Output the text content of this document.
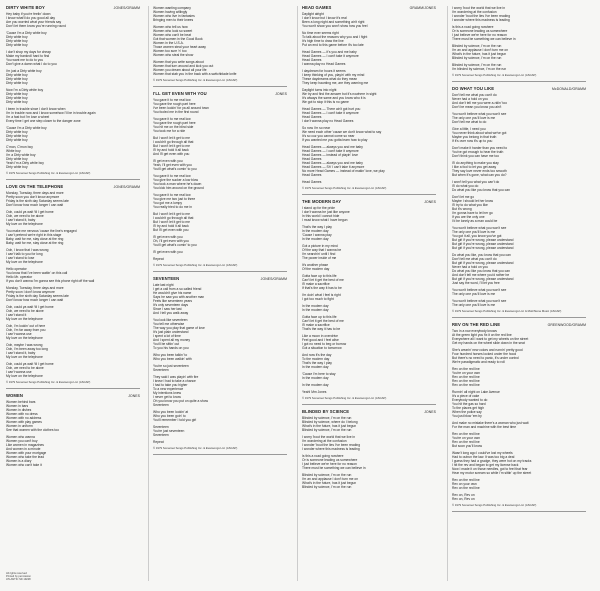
DIRTY WHITE BOY	JONES/GRAMM
Hey baby if you're feelin' down
I know what'll do you good all day
Are you worried what your friends say
Don't let them know you're running round
'Cause I'm a Dirty white boy
Dirty white boy
Dirty white boy
Dirty white boy
I don't shop my days for cheap
Make my bankroll hard to find
You want me to do to you
Don't give a damn what I do to you
I'm just a Dirty white boy
Dirty white boy
Dirty white boy
Dirty white boy
Now I'm a Dirty white boy
Dirty white boy
Dirty white boy
Dirty white boy
I been in trouble since I don't know when
I'm in trouble now and I know somehow I'll be in trouble again
I'm a fast but I'm lose a wheel
Every time I get one step closer to the danger zone
'Cause I'm a Dirty white boy
Dirty white boy
Dirty white boy
Dirty white boy
C'mon, C'mon boy
White boy
I'm a Dirty white boy
Dirty white boy
Yeah I'm a Dirty white boy
Dirty white boy
© 1979 Somerset Songs Publishing Inc. & Evansongs Ltd. (ASCAP)
LOVE ON THE TELEPHONE	JONES/GRAMM
Monday, Tuesday, three days and more
Pretty soon you don't know anymore
Friday is the sixth day Saturday seems late
Don't know how much longer I can wait
Ooh, could ya wait 'til I get home
Ooh, we need to be alone
I can't stand it, baby
My love on the telephone
You make me nervous 'cause the line's engaged
I can't pretend we're right in this stage
Baby, wait for me, stay close at the ring
Baby, wait for me, stay close at the ring
Ooh, I know that I was wrong
I can't talk to you for long
I can't stand to lose
My love on the telephone
Hello operator
You know that I've been waitin' on this call
Hello Mr. operator
If you don't wanna I'm gonna see this phone right off the wall
Monday, Tuesday, three days and more
Pretty soon I don't know anymore
Friday is the sixth day Saturday seems late
Don't know how much longer I can wait
Ooh, could ya wait 'til I get home
Ooh, we need to be alone
I can't stand it
My love on the telephone
Ooh, I'm lookin' out of here
Ooh, I'm far away from you
I can't wanna use
My love on the telephone
Ooh, maybe I was wrong
Ooh, I'm been away too long
I can't stand it, baby
My love on the telephone
Ooh, could ya wait 'til I get home
Ooh, we need to be alone
I can't wanna use
My love on the telephone
© 1979 Somerset Songs Publishing Inc. & Evansongs Ltd. (ASCAP)
WOMEN	JONES
Women behind bars
Women in bars
Women in dishes
Women with no dress
Women with no address
Women with play games
Women in uniform
See that women with the clothes too
Women who wanna
Women you can't buy
Like women in magazines
And women in a minute
Women with your mortgage
Women who take the lead
Women is a diary
Women who can't take it
Women wanting company
Women having willingly
Women who live in fantasies
Bringing men to their knees
Women who tell us how
Women who look so sweet
Women who can't be beat
Got that women in the Good Book
Women in the U.S.A.
Those women steal your heart away
Women too sure 'n' too
Women who steal the show
Women that you write songs about
Women that turn around and kick you out
Women you dream about all your life
Women that stab you in the back with a switchblade knife
© 1979 Somerset Songs Publishing Inc. & Evansongs Ltd. (ASCAP)
I'LL GET EVEN WITH YOU	JONES
You gave it to me real low
You gave the rough part here
I've been lookin' for ya all around town
You fooled me in the first round
You gave it to me real low
You gave the rough part here
You hit me on the blind side
You took me for a ride
But I won't let it get to me
I couldn't go through all that
But I won't let it get to me
I'll try and hold it all back
And I'll get even with you
I'll get even with you
Yeah, I'll get even with you
You'll get what's comin' to you
You gave it to me real low
You give the sucker a low blow
You took a man where he's down
You kick him around on the ground
You gave it to me real low
You give me two just to three
You got me a lumpy
You really tried to do me in
But I won't let it get to me
I couldn't go through all that
But I won't let it get to me
I'll try and hold it all back
But I'll get even with you
I'll get even with you
Oh, I'll get even with you
You'll get what's comin' to you
I'll get even with you
Repeat
© 1979 Somerset Songs Publishing Inc. & Evansongs Ltd. (ASCAP)
SEVENTEEN	JONES/GRAMM
Late last night
I get a call from a so called friend
He wouldn't give his name
Says he saw you with another man
Feels like seventeen years
It's only seventeen days
Since I saw her last
And I tell you walk away
You look like seventeen
You tell me otherwise
The way you play that game of love
It's just plain understand
I spent a lot of time
And I spent all my money
You'll be sittin' out
To you his hands on you
Who you been talkin' to
Who you been walkin' with
You're so just seventeen
Seventeen
They said I was playin' with fire
I knew I had to take a chance
I had to take you higher
To a new experience
My intentions knew
I never get to know
Oh you know you put on quite a show
Seventeen
Who you been lookin' at
Who you been goin' to
You'll remember I told you girl
Seventeen
You're just seventeen
Seventeen
Repeat
© 1979 Somerset Songs Publishing Inc. & Evansongs Ltd. (ASCAP)
HEAD GAMES	GRAMM/JONES
Daylight alright
I don't know but I know it's real
Been a long night and something ain't right
You won't show you won't show how you feel
No time ever seems right
To talk about the reasons why you and I fight
It's high time to draw the line
Put an end to this game before it's too late
Head Games — it's you and me baby
Head Games — I can't take it anymore
Head Games
I wanna play no Head Games
I daydream for hours it seems
I keep thinking of you, playin' with my mind
These daydreams what do they mean
They keep haunting me, are they warning me
Daylight turns into night
We try and find the answer but it's nowhere in sight
It's always the same and you know who it is
We got to stop it this is no game
Head Games — There ain't got hurt you
Head Games — I can't take it anymore
Head Games
I don't wanna play no Head Games
So now I'm so near
We need each other 'cause we don't know what to say
It's so cuz you cannot come so near
If you wanted me you gotta learn how to play
Head Games — always you and me baby
Head Games — I can't take it anymore
Head Games — instead of playin' love
Head Games
Head Games — always you and me baby
Head Games — Sh' I can't take it anymore
No more Head Games — instead of makin' love, we play
Head Games
Head Games
© 1979 Somerset Songs Publishing Inc. & Evansongs Ltd. (ASCAP)
THE MODERN DAY	JONES
I stand up for the pride
I don't wanna be just like anyone
In this world I cannot hide
I must know what I have begun
That's the way I play
In the modern day
'Cause I wanna play
In the modern day
Got a picture in my mind
Of the way that I wanna be
I'm searchin' until I find
The power inside of me
It's another phase
Of the modern day
Gotta face up to this life
Can't let it get the best of me
I'll make a sacrifice
If that's the way it has to be
I'm doin' what I feel is right
I got too much to fight
In the modern day
In the modern day
Gotta face up to this life
Can't let it get the best of me
I'll make a sacrifice
That's the way it has to be
Like a moon in overdrive
Feel good and I feel alive
I got no need to beg or borrow
Got a situation to tomorrow
And now it's the day
To the modern day
That's the way I play
In the modern day
'Cause I'm here to stay
In the modern day
In the modern day
Yeah! Mm Jones
© 1979 Somerset Songs Publishing Inc. & Evansongs Ltd. (ASCAP)
BLINDED BY SCIENCE	JONES
Blinded by science, I'm on the run
Blinded by science, where do I belong
What's in the future, has it just begun
Blinded by science, I'm on the run
I worry 'bout the world that we live in
I'm wondering at the confusion
I wonder 'bout the lies I've been reading
I wonder where this madness is leading
Is this a road going nowhere
Or is someone leading us somewhere
I just believe we're here for no reason
There must be something we can believe in
Blinded by science, I'm on the run
I'm an and applause I don't turn me on
What's in the future, has it just begun
Blinded by science, I'm on the run
I worry 'bout the world that we live in
I'm wondering at the confusion
I wonder 'bout the lies I've been reading
I wonder where this madness is leading
Is this a road going nowhere
Or is someone leading us somewhere
I just believe we're here for no reason
There must be something we can believe in
Blinded by science, I'm on the run
I'm an and applause I don't turn me on
What's in the future, has it just begun
Blinded by science, I'm on the run
Blinded by science, I'm on the run
I'm blinded by science, I'm on the run
© 1979 Somerset Songs Publishing Inc. & Evansongs Ltd. (ASCAP)
DO WHAT YOU LIKE	McDONALD/GRAMM
Don't tell me what you can't do
Never had a hold on you
And don't tell me you were a-ridin' too
Don't be mean you know you ain't
You won't believe what you won't see
The only one you'll love is me
Don't tell me what to do
Give a little, I need you
You never think about what we've got
Maybe you belong in that truth
If it's over now it's up to you
Don't make it harder than you need to
You've got enough to hear the truth
Don't think you can have me too
I'll do anything to make you stay
I like a fool to let you get away
They say love never ends too smooth
But when it's gone, what can you do?
I won't tell you what you can't do
I'll do what you do
Do what you like you know that you can
Don't let me go
Maybe I should let her know
I'll try to do what you like
But it's wrong
I'm gonna have to let her go
If you are the only one
I'd be lonely as a man could be
You won't believe what you won't see
The only one you'll love is me
You got it all, you know you've got
But girl if you're wrong, please understand
But girl if you're wrong, please understand
But girl if you're wrong, please understand
Do what you like, you know that you can
Don't tell me what you can't do
But girl if you're wrong, please understand
Never had a hold on you
Do what you like you know that you can
And don't tell me where you'd rather be
But girl if you're wrong, please understand
Just say the word, I'll let you free
You won't believe what you won't see
The only one you'll love is me
You won't believe what you won't see
The only one you'll love is me
© 1979 Somerset Songs Publishing Inc. & Evansongs Ltd. & Mott/Stone Music (ASCAP)
REV ON THE RED LINE	GREENWOOD/GRAMM
Two in a row everybody knows
At the green light you fix it on the red line
Everywhere all I want to get my wheels on the street
Get my hands on the wheel slide down in the seat
She's wearin' new colors and runnin' pretty good
Four hundred horses locked under the hood
But there's no need to panic, it's under control
We're paradigmatic and ready to roll
Rev on the red line
You're on your own
Rev on the red line
Rev on the red line
Rev on the red line
Runnin' all night on Lake Avenue
It's a piece of cake
Everybody wanted to do
You hit the gas so hard
To the places get high
When the police say
You just blow 'em by
And make no mistake there's a woman who just wait
For the man and machine with the best time
Rev on the red line
You're on your own
Rev on the red line
But soon you'll know
Wasn't long ago I could've lost my wheels
Had to outrun the law. It was too big a deal
I guess they had a grudge, they were hot on my tracks
I hit the rev and began to get my license back
Now I made it on those needles, got to feel that fear
Hear my motor scream so while I'm sittin' up the street
Rev on the red line
Rev on your own
Rev on the red line
Rev on, Rev on
Rev on, Rev on
© 1979 Somerset Songs Publishing Inc. & Evansongs Ltd. (ASCAP)
All rights reserved
Printed by permission
ATLANTIC SD 19228
